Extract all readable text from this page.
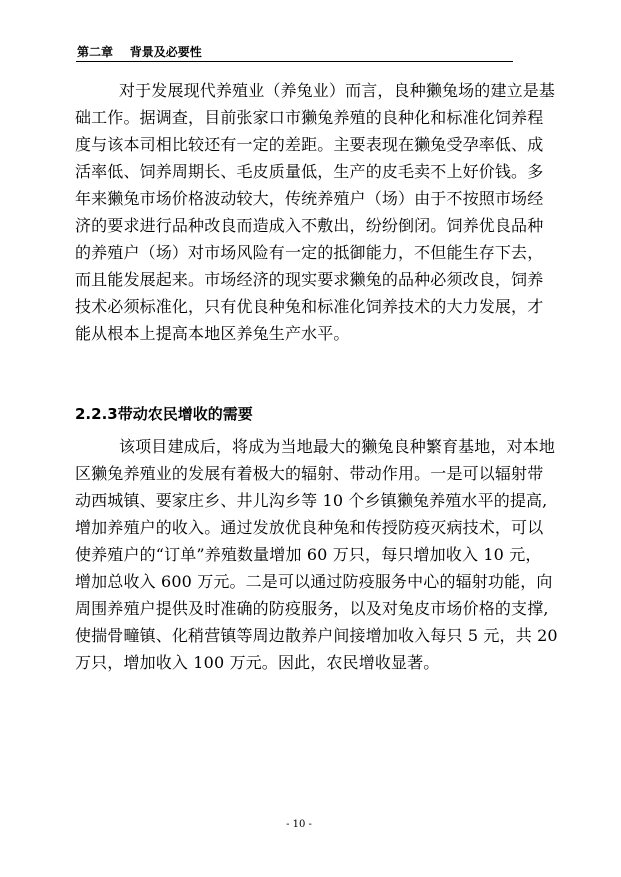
第二章 背景及必要性
对于发展现代养殖业（养兔业）而言，良种獭兔场的建立是基
础工作。据调查，目前张家口市獭兔养殖的良种化和标准化饲养程
度与该本司相比较还有一定的差距。主要表现在獭兔受孕率低、成
活率低、饲养周期长、毛皮质量低，生产的皮毛卖不上好价钱。多
年来獭兔市场价格波动较大，传统养殖户（场）由于不按照市场经
济的要求进行品种改良而造成入不敷出，纷纷倒闭。饲养优良品种
的养殖户（场）对市场风险有一定的抵御能力，不但能生存下去，
而且能发展起来。市场经济的现实要求獭兔的品种必须改良，饲养
技术必须标准化，只有优良种兔和标准化饲养技术的大力发展，才
能从根本上提高本地区养兔生产水平。
2.2.3带动农民增收的需要
该项目建成后，将成为当地最大的獭兔良种繁育基地，对本地
区獭兔养殖业的发展有着极大的辐射、带动作用。一是可以辐射带
动西城镇、要家庄乡、井儿沟乡等 10 个乡镇獭兔养殖水平的提高,
增加养殖户的收入。通过发放优良种兔和传授防疫灭病技术，可以
使养殖户的“订单”养殖数量增加 60 万只，每只增加收入 10 元，
增加总收入 600 万元。二是可以通过防疫服务中心的辐射功能，向
周围养殖户提供及时准确的防疫服务，以及对兔皮市场价格的支撑,
使揣骨疃镇、化稍营镇等周边散养户间接增加收入每只 5 元，共 20
万只，增加收入 100 万元。因此，农民增收显著。
- 10 -
